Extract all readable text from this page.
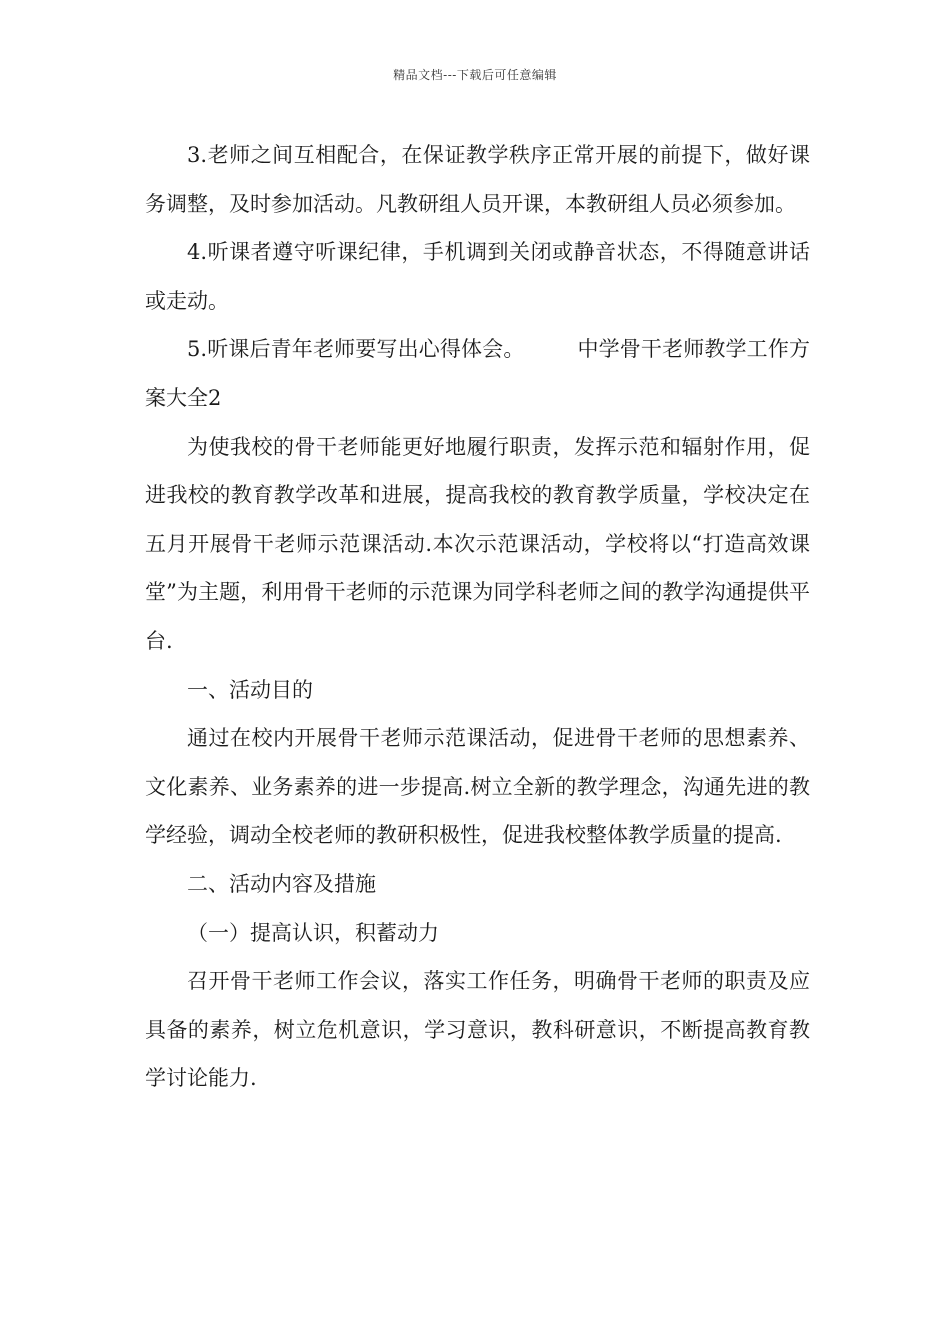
精品文档---下载后可任意编辑

3.老师之间互相配合，在保证教学秩序正常开展的前提下，做好课务调整，及时参加活动。凡教研组人员开课，本教研组人员必须参加。

4.听课者遵守听课纪律，手机调到关闭或静音状态，不得随意讲话或走动。

5.听课后青年老师要写出心得体会。　　　中学骨干老师教学工作方案大全2

为使我校的骨干老师能更好地履行职责，发挥示范和辐射作用，促进我校的教育教学改革和进展，提高我校的教育教学质量，学校决定在五月开展骨干老师示范课活动.本次示范课活动，学校将以“打造高效课堂”为主题，利用骨干老师的示范课为同学科老师之间的教学沟通提供平台.

一、活动目的

通过在校内开展骨干老师示范课活动，促进骨干老师的思想素养、文化素养、业务素养的进一步提高.树立全新的教学理念，沟通先进的教学经验，调动全校老师的教研积极性，促进我校整体教学质量的提高.

二、活动内容及措施

（一）提高认识，积蓄动力

召开骨干老师工作会议，落实工作任务，明确骨干老师的职责及应具备的素养，树立危机意识，学习意识，教科研意识，不断提高教育教学讨论能力.
